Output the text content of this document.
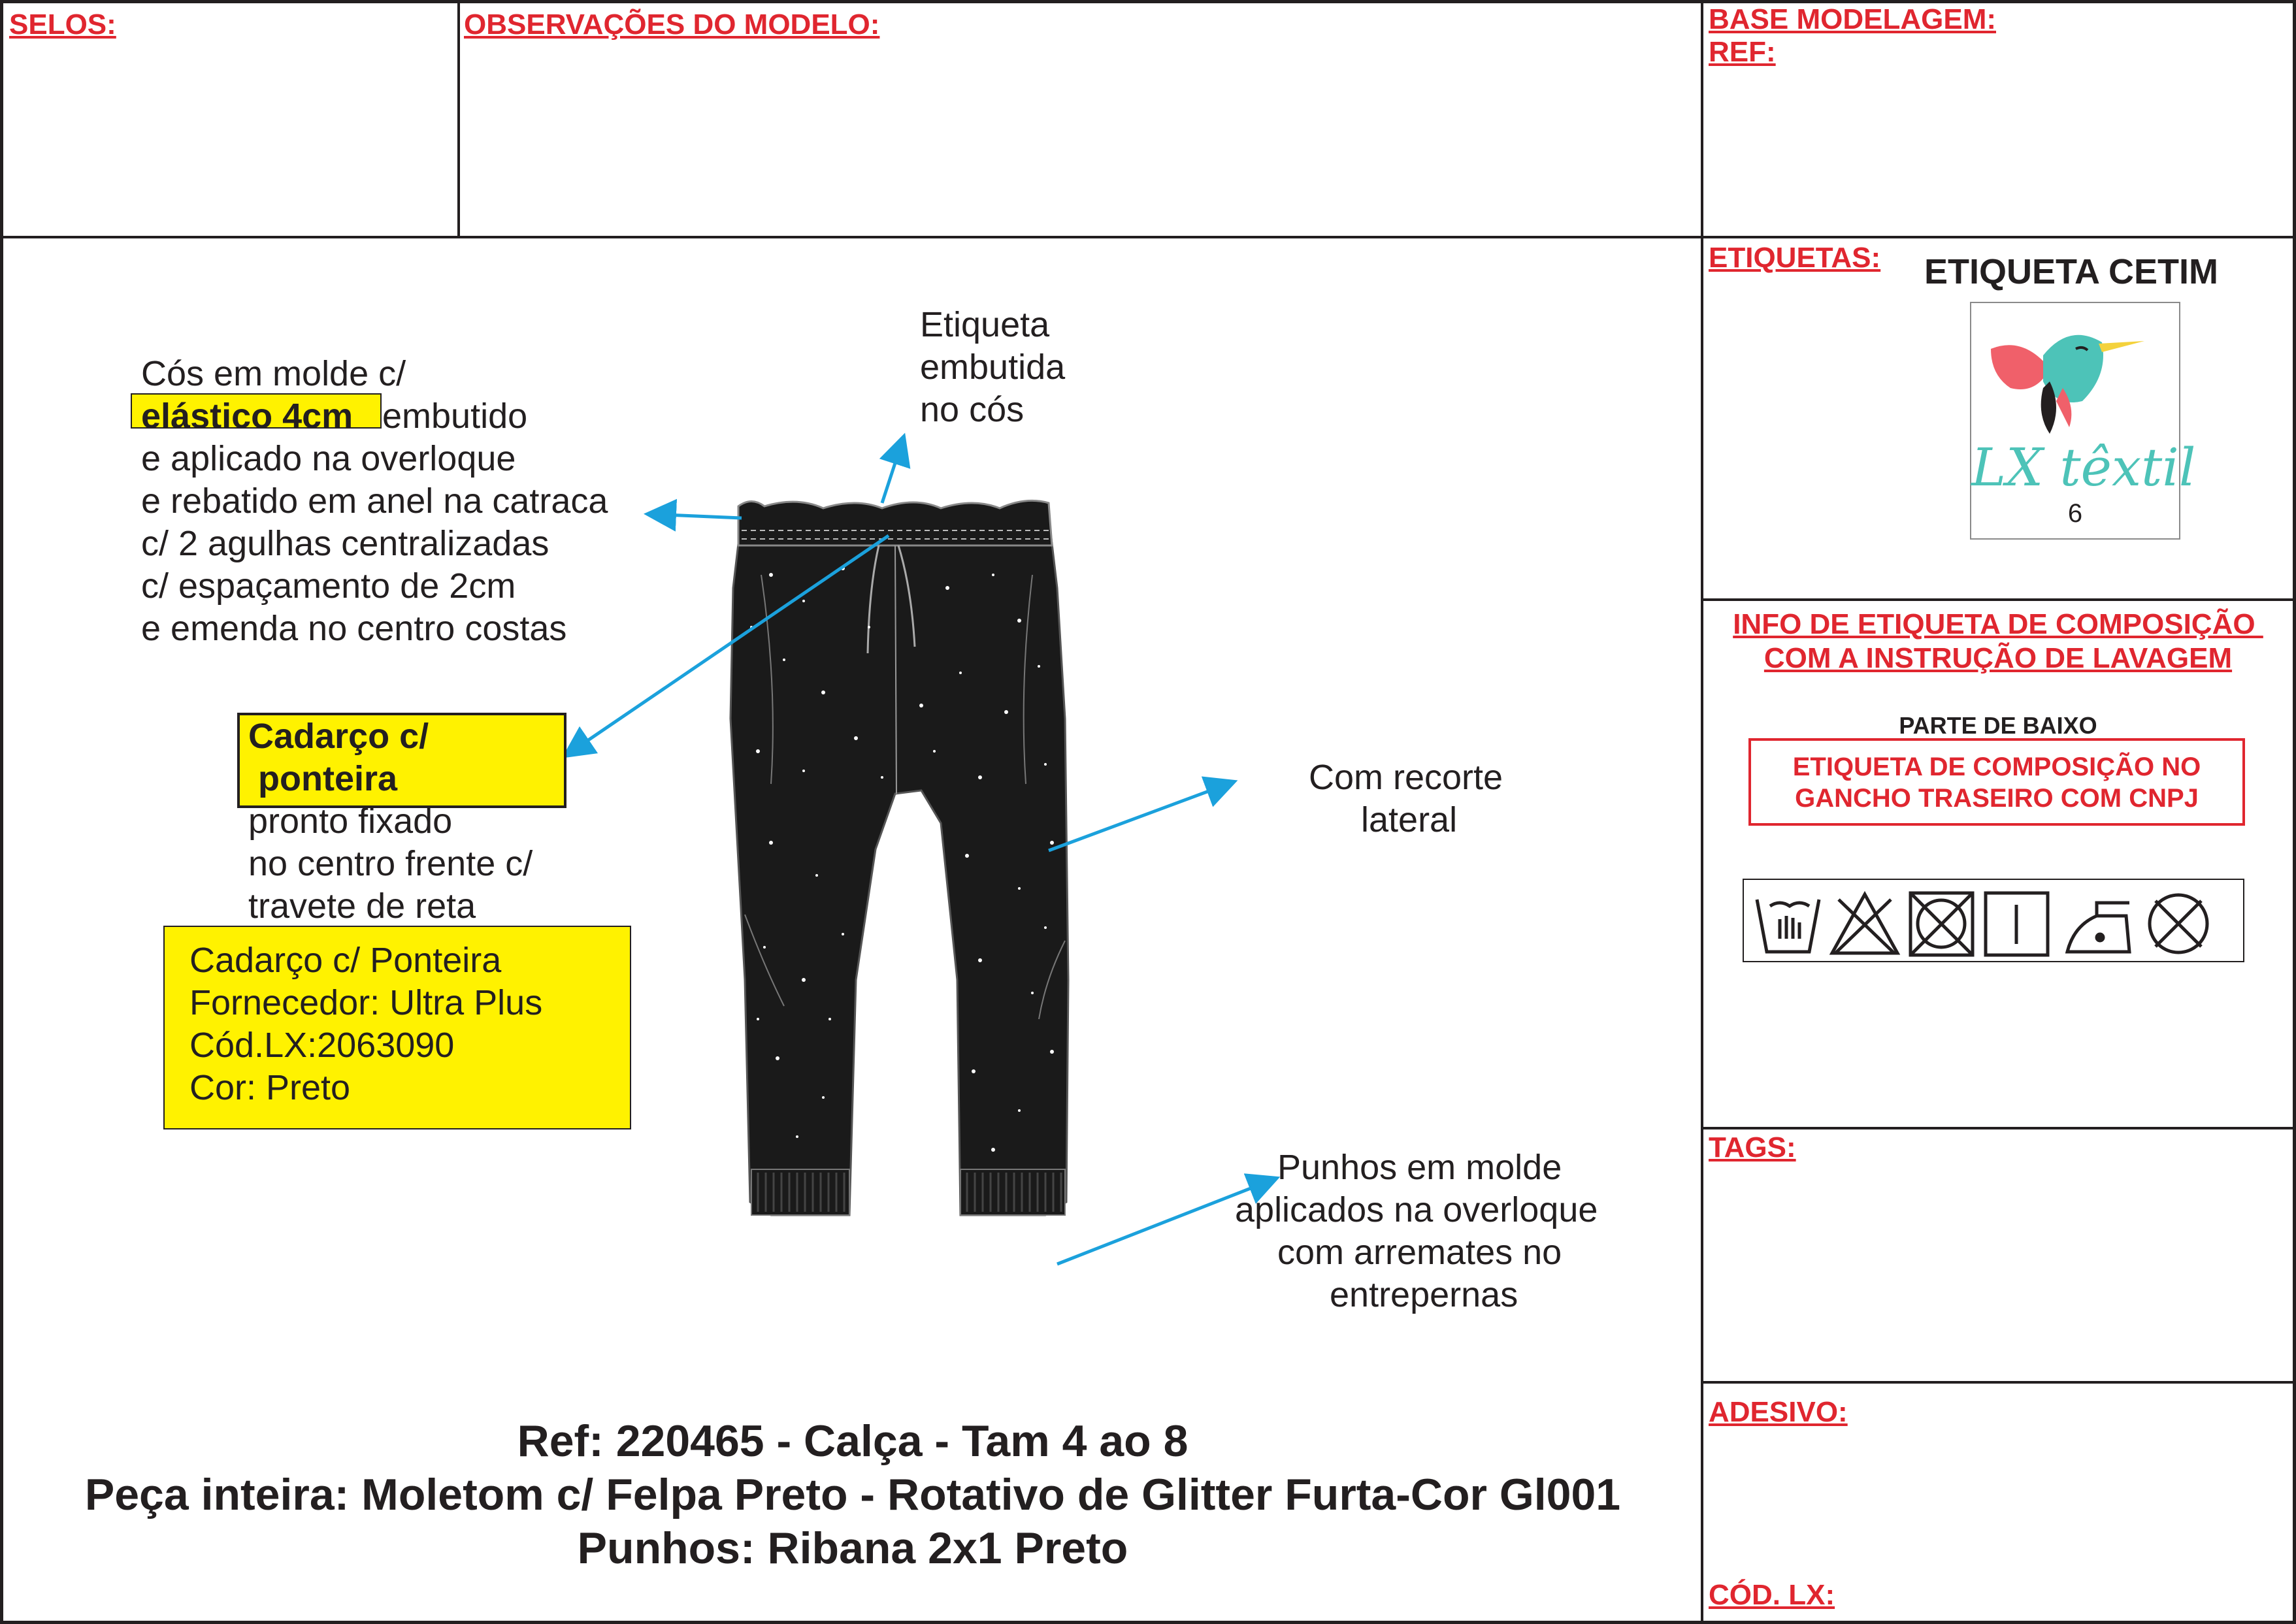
SELOS:	OBSERVAÇÕES DO MODELO:	BASE MODELAGEM:
REF:
Cós em molde c/
elástico 4cm embutido
e aplicado na overloque
e rebatido em anel na catraca
c/ 2 agulhas centralizadas
c/ espaçamento de 2cm
e emenda no centro costas
Etiqueta
embutida
no cós
Cadarço c/
ponteira
pronto fixado
no centro frente c/
travete de reta
Cadarço c/ Ponteira
Fornecedor: Ultra Plus
Cód.LX:2063090
Cor: Preto
Com recorte
lateral
Punhos em molde
aplicados na overloque
com arremates no
entrepernas
Ref: 220465 - Calça - Tam 4 ao 8
Peça inteira: Moletom c/ Felpa Preto - Rotativo de Glitter Furta-Cor Gl001
Punhos: Ribana 2x1 Preto
ETIQUETAS: ETIQUETA CETIM
LX têxtil
6
INFO DE ETIQUETA DE COMPOSIÇÃO
COM A INSTRUÇÃO DE LAVAGEM
PARTE DE BAIXO
ETIQUETA DE COMPOSIÇÃO NO
GANCHO TRASEIRO COM CNPJ
TAGS:
ADESIVO:
CÓD. LX:
